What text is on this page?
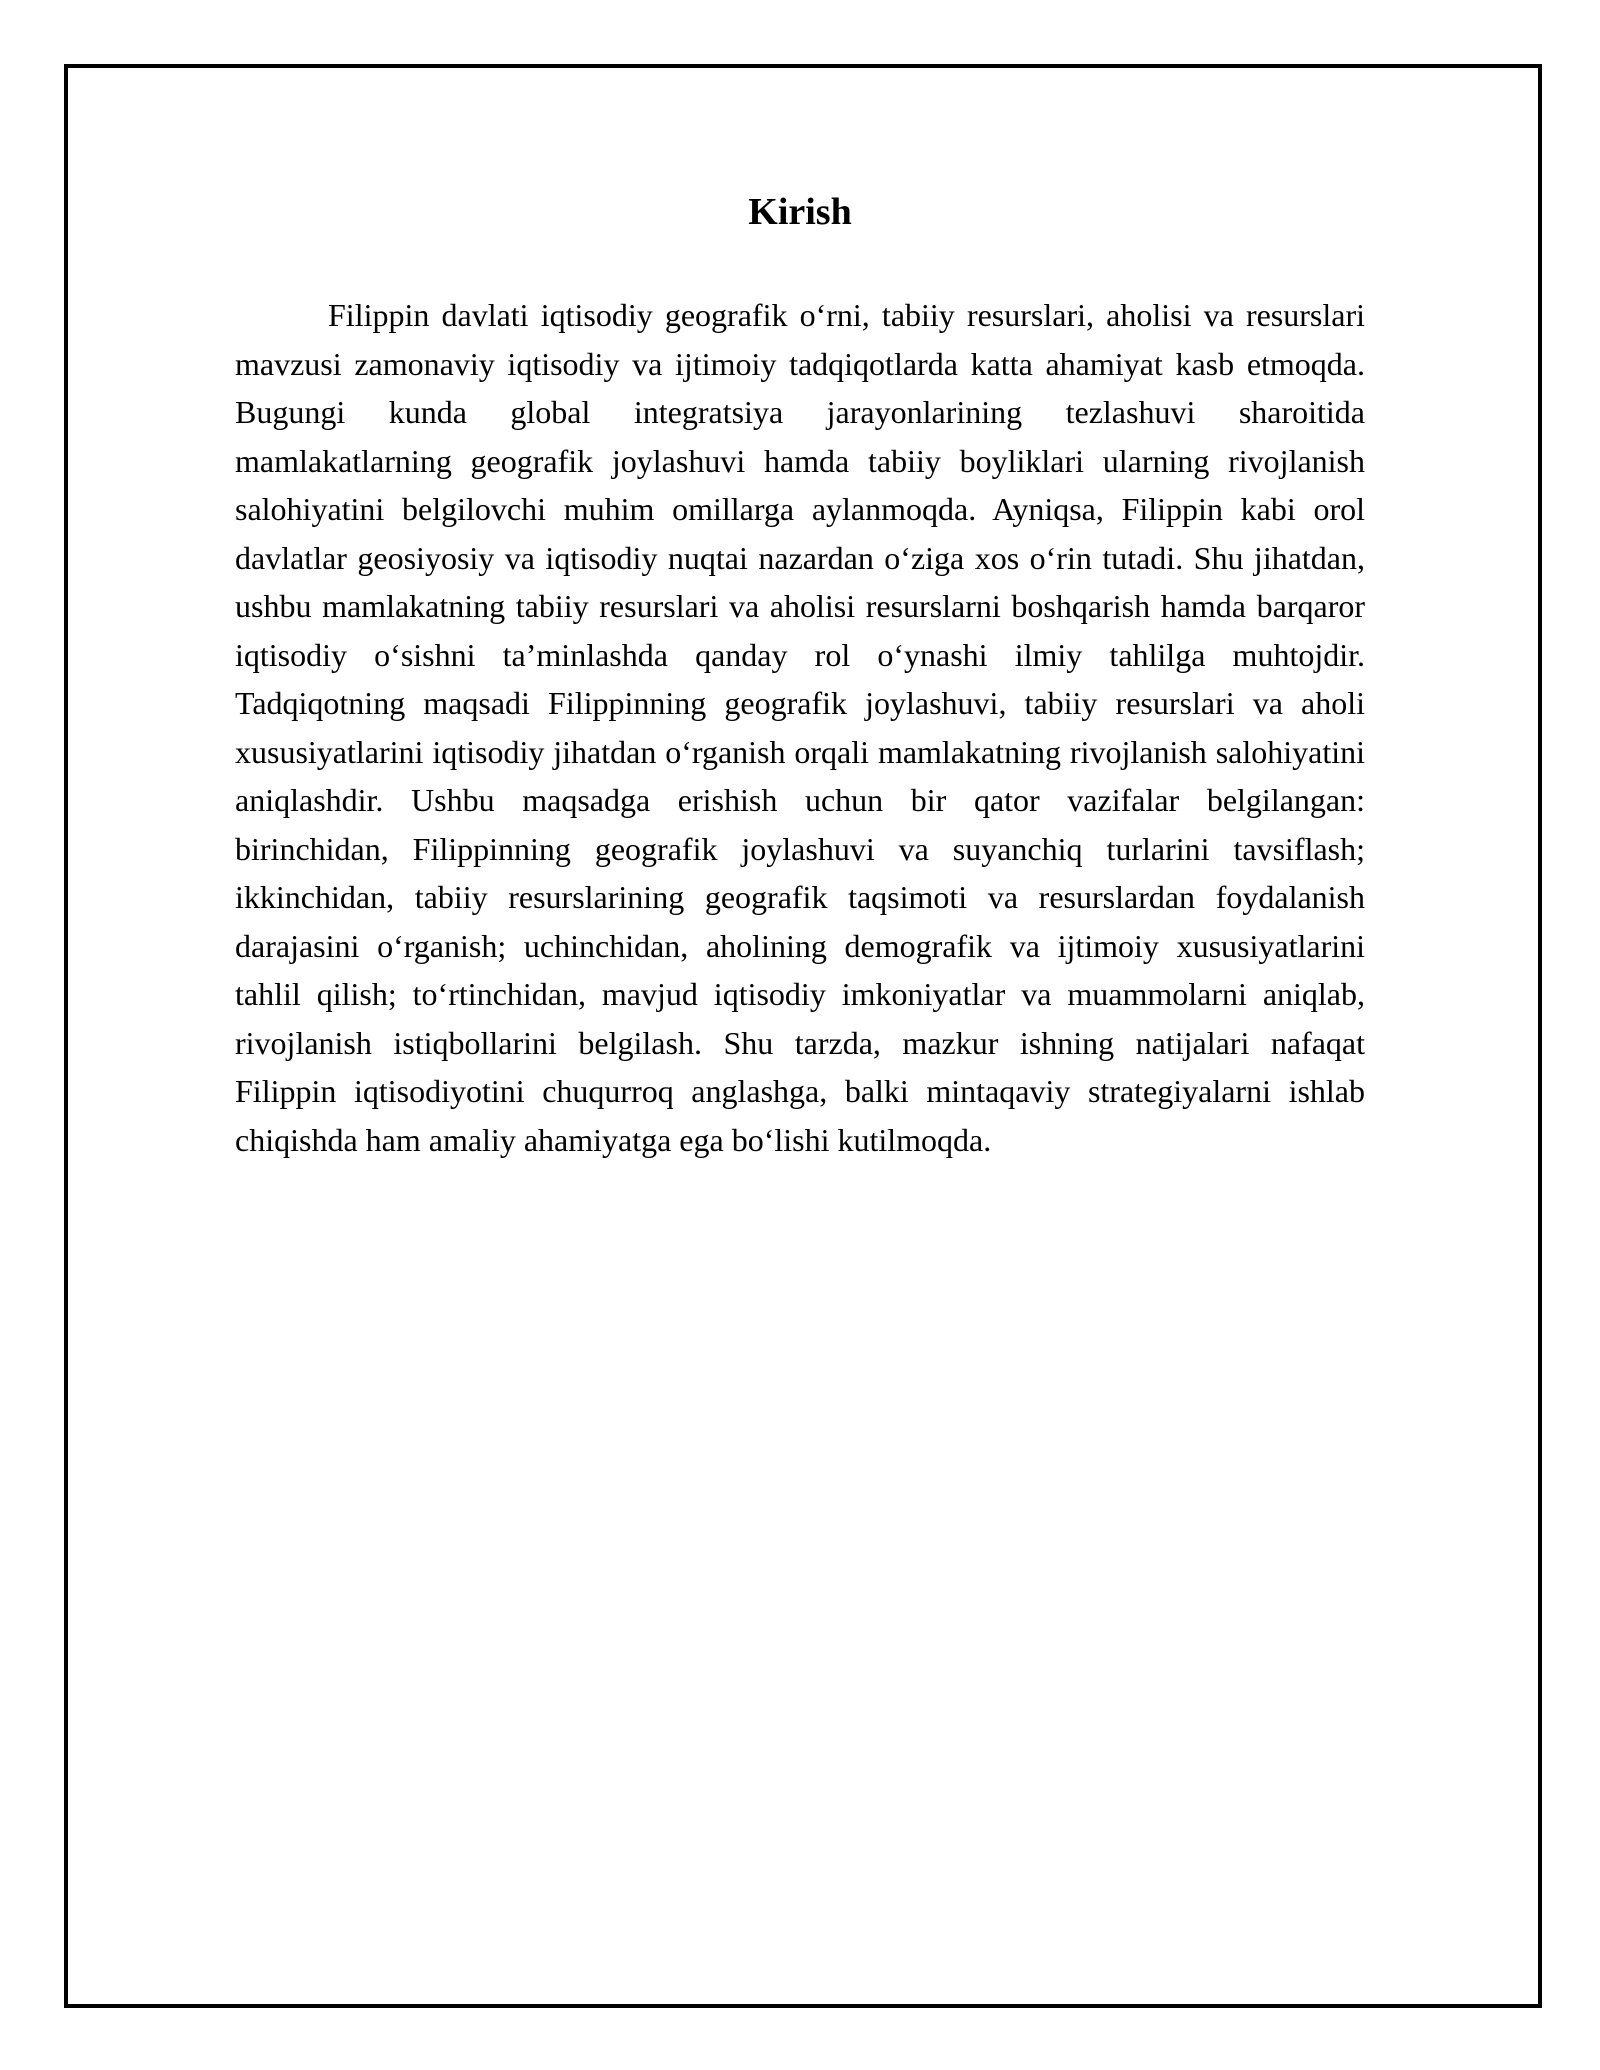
Kirish

Filippin davlati iqtisodiy geografik o‘rni, tabiiy resurslari, aholisi va resurslari mavzusi zamonaviy iqtisodiy va ijtimoiy tadqiqotlarda katta ahamiyat kasb etmoqda. Bugungi kunda global integratsiya jarayonlarining tezlashuvi sharoitida mamlakatlarning geografik joylashuvi hamda tabiiy boyliklari ularning rivojlanish salohiyatini belgilovchi muhim omillarga aylanmoqda. Ayniqsa, Filippin kabi orol davlatlar geosiyosiy va iqtisodiy nuqtai nazardan o‘ziga xos o‘rin tutadi. Shu jihatdan, ushbu mamlakatning tabiiy resurslari va aholisi resurslarni boshqarish hamda barqaror iqtisodiy o‘sishni ta’minlashda qanday rol o‘ynashi ilmiy tahlilga muhtojdir. Tadqiqotning maqsadi Filippinning geografik joylashuvi, tabiiy resurslari va aholi xususiyatlarini iqtisodiy jihatdan o‘rganish orqali mamlakatning rivojlanish salohiyatini aniqlashdir. Ushbu maqsadga erishish uchun bir qator vazifalar belgilangan: birinchidan, Filippinning geografik joylashuvi va suyanchiq turlarini tavsiflash; ikkinchidan, tabiiy resurslarining geografik taqsimoti va resurslardan foydalanish darajasini o‘rganish; uchinchidan, aholining demografik va ijtimoiy xususiyatlarini tahlil qilish; to‘rtinchidan, mavjud iqtisodiy imkoniyatlar va muammolarni aniqlab, rivojlanish istiqbollarini belgilash. Shu tarzda, mazkur ishning natijalari nafaqat Filippin iqtisodiyotini chuqurroq anglashga, balki mintaqaviy strategiyalarni ishlab chiqishda ham amaliy ahamiyatga ega bo‘lishi kutilmoqda.
